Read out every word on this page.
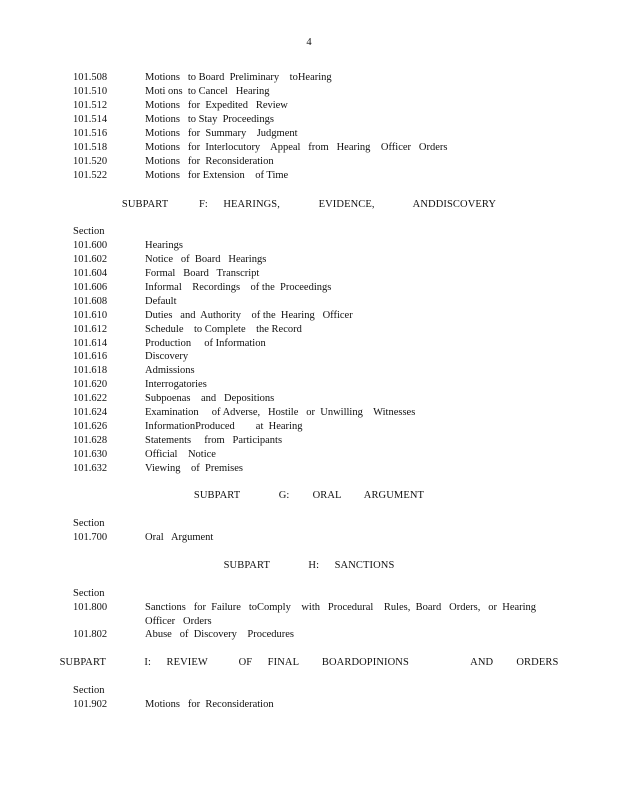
4
101.508	Motions   to Board  Preliminary    toHearing
101.510	Moti ons  to Cancel   Hearing
101.512	Motions   for  Expedited   Review
101.514	Motions   to Stay  Proceedings
101.516	Motions   for  Summary    Judgment
101.518	Motions   for  Interlocutory    Appeal   from   Hearing    Officer   Orders
101.520	Motions   for  Reconsideration
101.522	Motions   for Extension    of Time
SUBPART    F:  HEARINGS,     EVIDENCE,     ANDDISCOVERY
Section
101.600	Hearings
101.602	Notice   of  Board   Hearings
101.604	Formal   Board   Transcript
101.606	Informal    Recordings    of the  Proceedings
101.608	Default
101.610	Duties   and  Authority    of the  Hearing   Officer
101.612	Schedule    to Complete    the Record
101.614	Production     of Information
101.616	Discovery
101.618	Admissions
101.620	Interrogatories
101.622	Subpoenas    and   Depositions
101.624	Examination     of Adverse,   Hostile   or  Unwilling    Witnesses
101.626	InformationProduced        at  Hearing
101.628	Statements     from   Participants
101.630	Official    Notice
101.632	Viewing    of  Premises
SUBPART     G:   ORAL   ARGUMENT
Section
101.700	Oral   Argument
SUBPART     H:  SANCTIONS
Section
101.800	Sanctions   for  Failure   toComply    with   Procedural    Rules,  Board   Orders,   or  Hearing
Officer   Orders
101.802	Abuse   of  Discovery    Procedures
SUBPART     I:  REVIEW    OF  FINAL   BOARDOPINIONS        AND   ORDERS
Section
101.902	Motions   for  Reconsideration
